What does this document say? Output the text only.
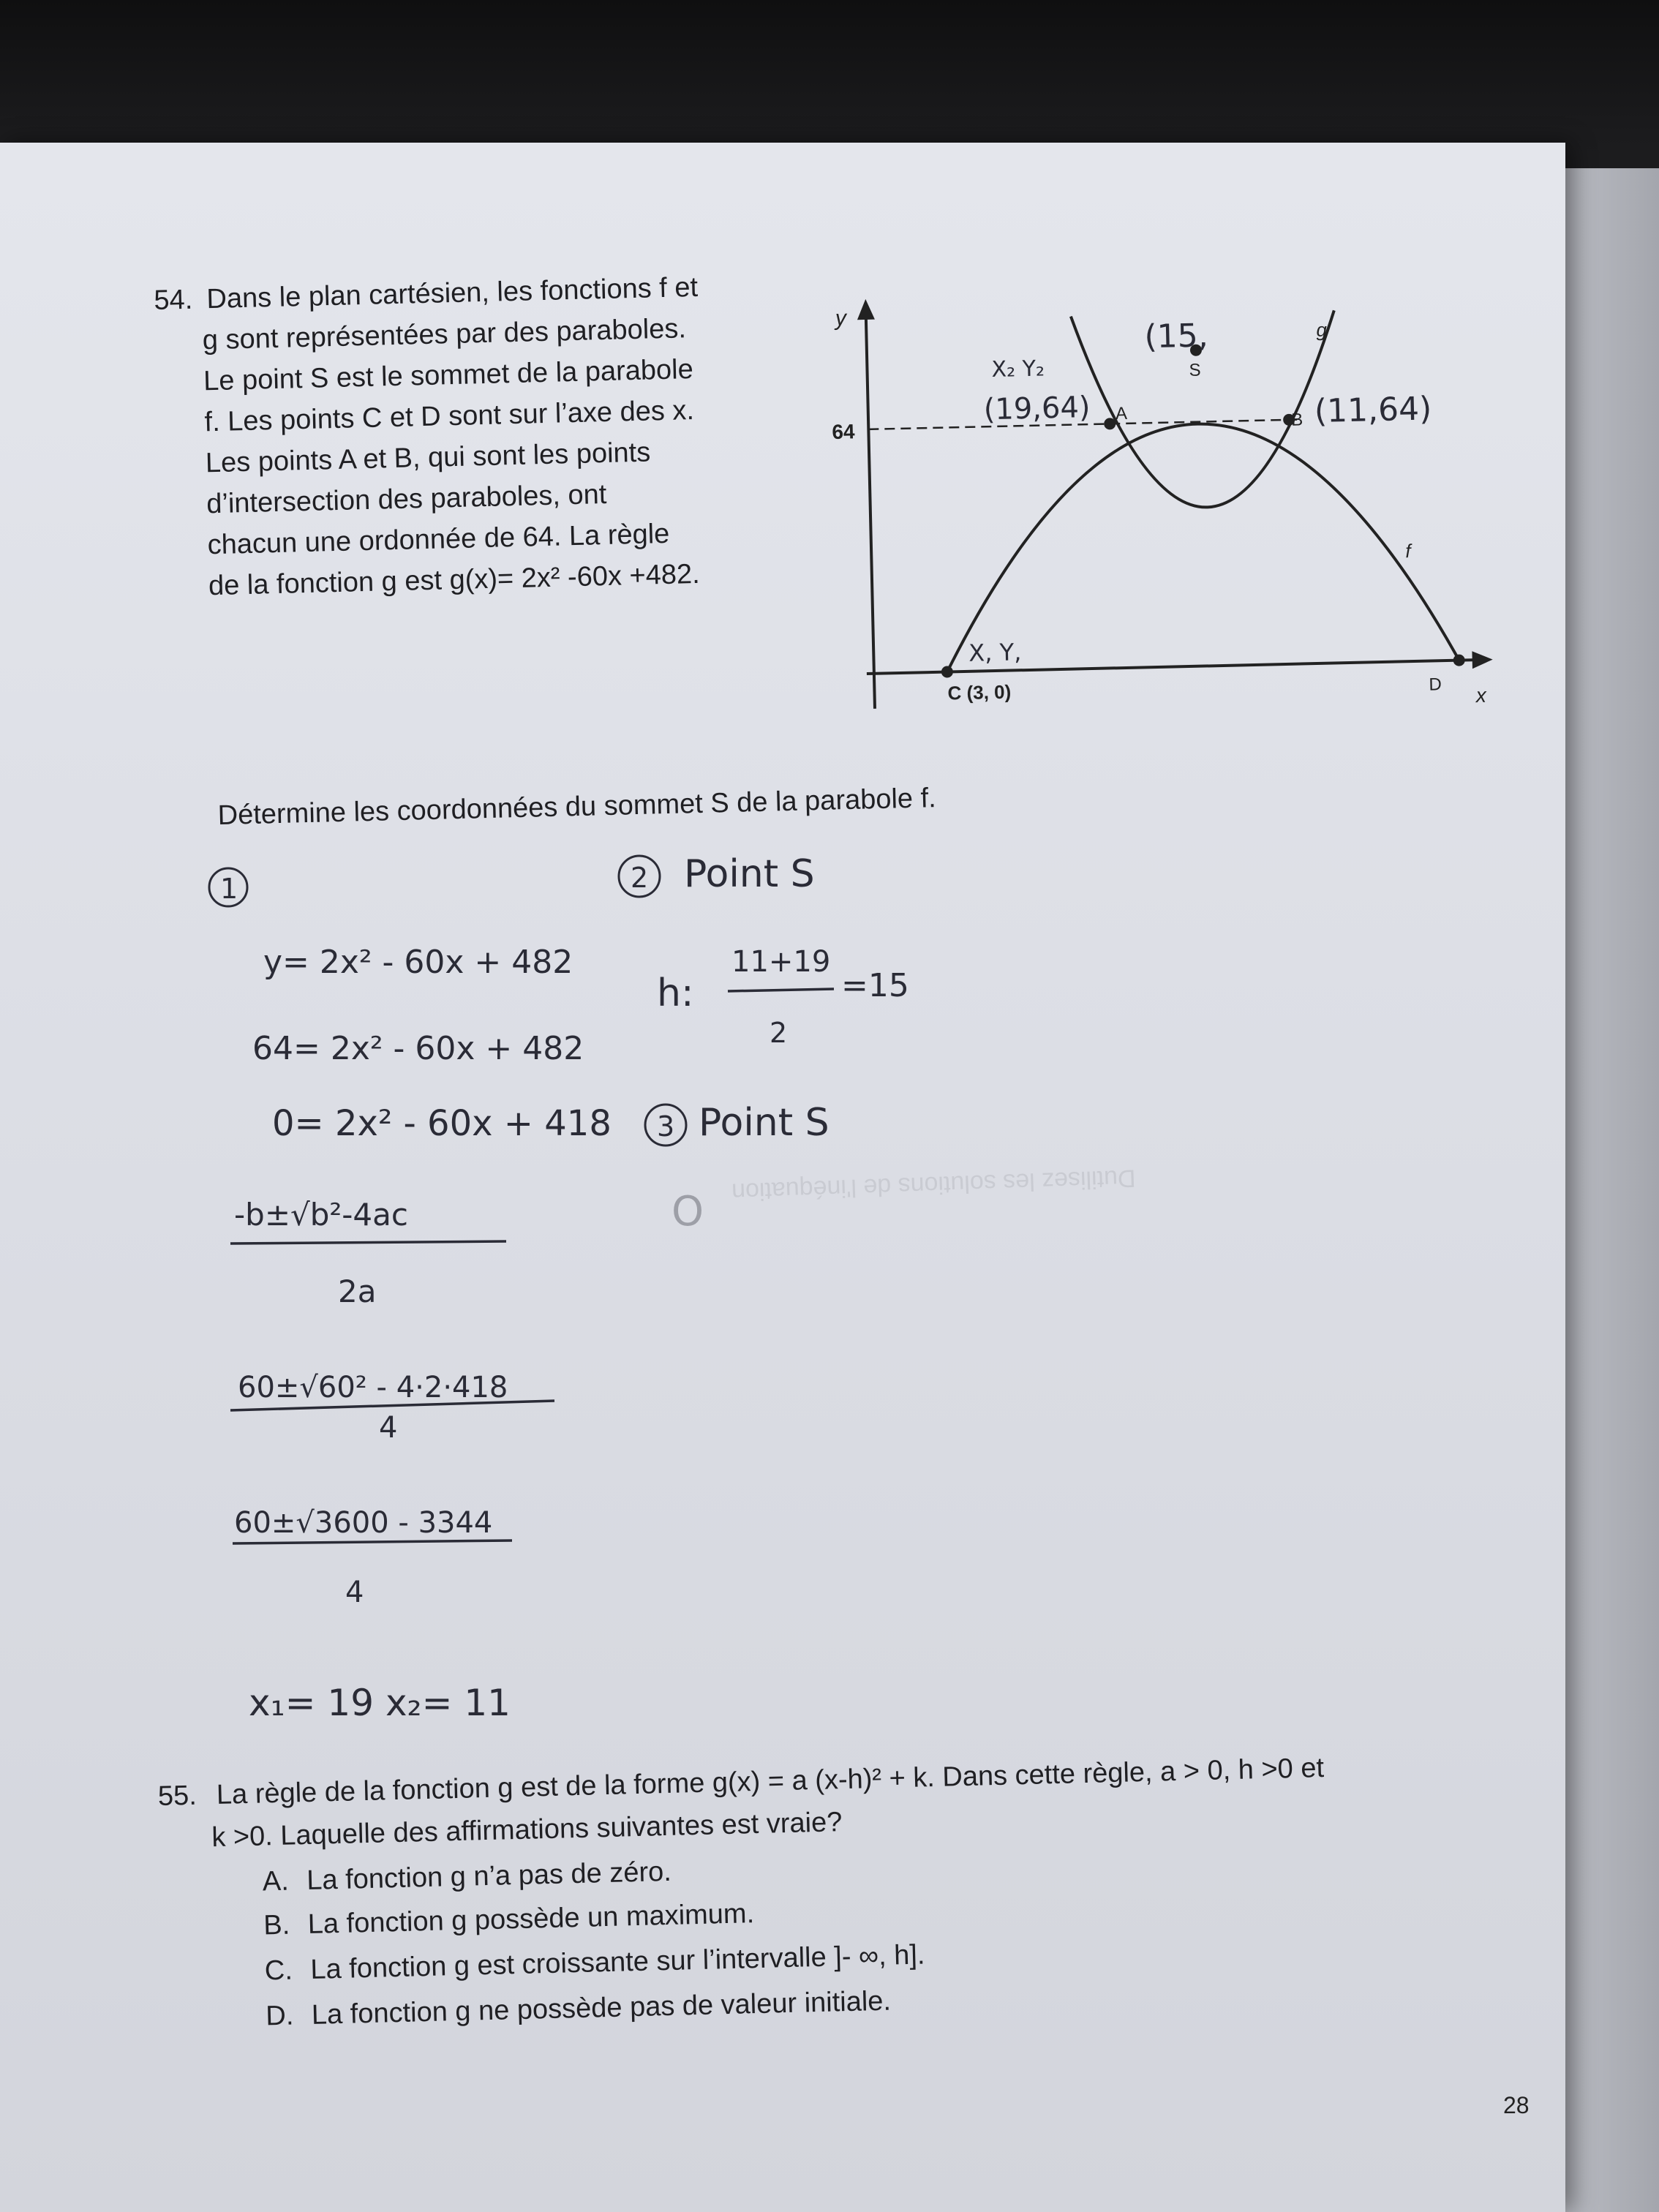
54. Dans le plan cartésien, les fonctions f et
g sont représentées par des paraboles.
Le point S est le sommet de la parabole
f. Les points C et D sont sur l’axe des x.
Les points A et B, qui sont les points
d’intersection des paraboles, ont
chacun une ordonnée de 64. La règle
de la fonction g est g(x)= 2x² -60x +482.
Détermine les coordonnées du sommet S de la parabole f.
Dutilisez les solutions de l'inéquation
y
x
64
A	B
S
C (3, 0)	D
g
f
(19,64)
X₂ Y₂
(15,
(11,64)
X, Y,
1
y= 2x² - 60x + 482
64= 2x² - 60x + 482
0= 2x² - 60x + 418
-b±√b²-4ac
2a
60±√60² - 4·2·418
4
60±√3600 - 3344
4
x₁= 19 x₂= 11
2 Point S
h:
11+19
2
=15
3 Point S
O
55. La règle de la fonction g est de la forme g(x) = a (x-h)² + k. Dans cette règle, a > 0, h >0 et
k >0. Laquelle des affirmations suivantes est vraie?
A. La fonction g n’a pas de zéro.
B. La fonction g possède un maximum.
C. La fonction g est croissante sur l’intervalle ]- ∞, h].
D. La fonction g ne possède pas de valeur initiale.
28
